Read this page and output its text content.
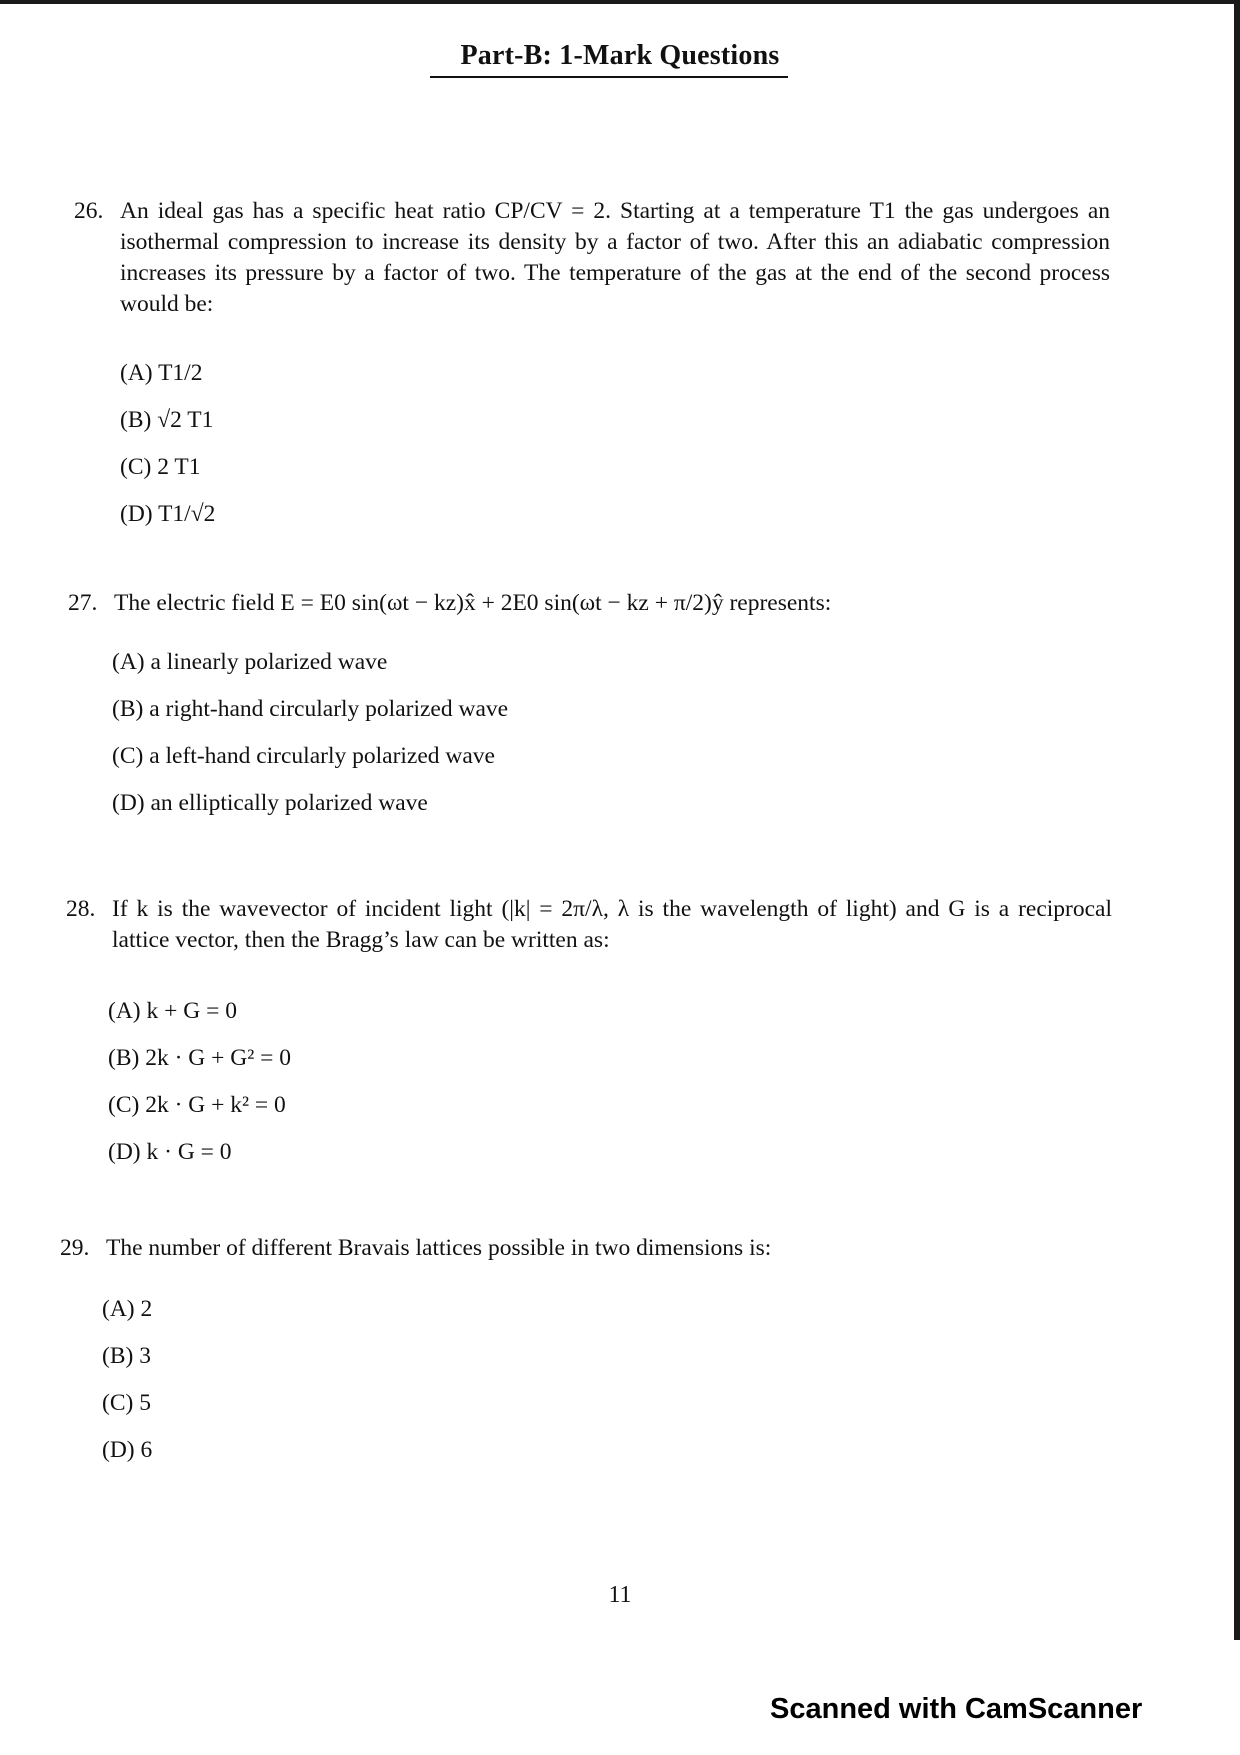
Part-B: 1-Mark Questions
26. An ideal gas has a specific heat ratio CP/CV = 2. Starting at a temperature T1 the gas undergoes an isothermal compression to increase its density by a factor of two. After this an adiabatic compression increases its pressure by a factor of two. The temperature of the gas at the end of the second process would be:
(A) T1/2
(B) √2 T1
(C) 2 T1
(D) T1/√2
27. The electric field E = E0 sin(ωt − kz)x̂ + 2E0 sin(ωt − kz + π/2)ŷ represents:
(A) a linearly polarized wave
(B) a right-hand circularly polarized wave
(C) a left-hand circularly polarized wave
(D) an elliptically polarized wave
28. If k is the wavevector of incident light (|k| = 2π/λ, λ is the wavelength of light) and G is a reciprocal lattice vector, then the Bragg’s law can be written as:
(A) k + G = 0
(B) 2k · G + G² = 0
(C) 2k · G + k² = 0
(D) k · G = 0
29. The number of different Bravais lattices possible in two dimensions is:
(A) 2
(B) 3
(C) 5
(D) 6
11
Scanned with CamScanner
